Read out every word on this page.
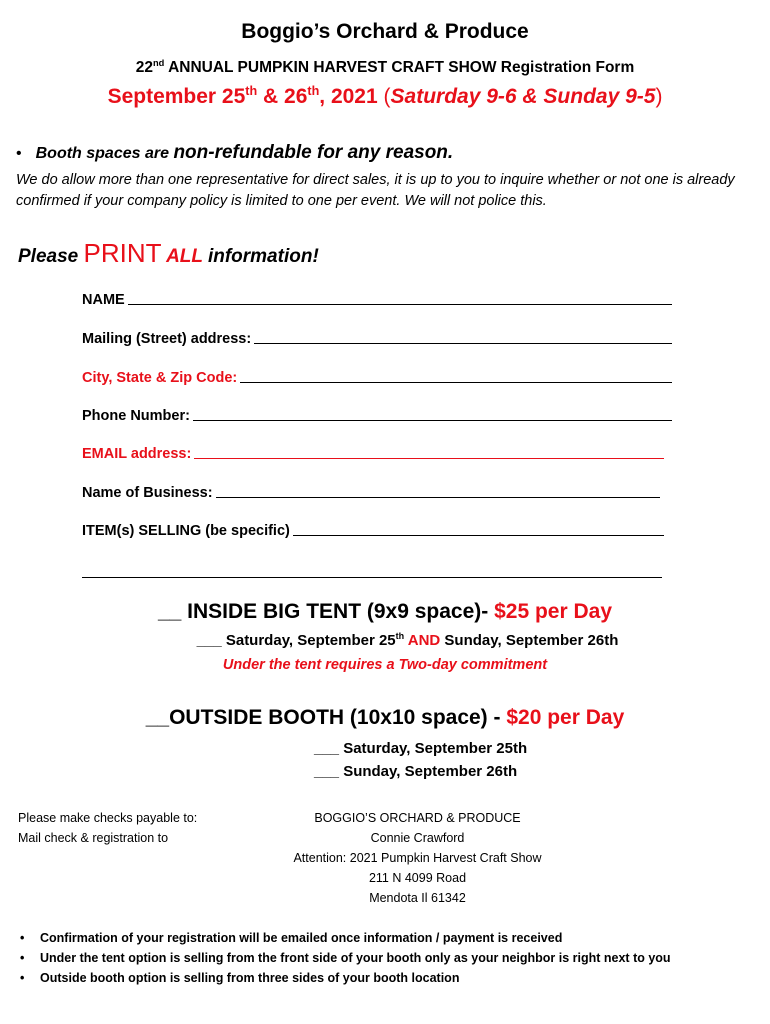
Boggio’s Orchard & Produce
22nd ANNUAL PUMPKIN HARVEST CRAFT SHOW Registration Form
September 25th & 26th, 2021 (Saturday 9-6 & Sunday 9-5)
• Booth spaces are non-refundable for any reason.
We do allow more than one representative for direct sales, it is up to you to inquire whether or not one is already confirmed if your company policy is limited to one per event. We will not police this.
Please PRINT ALL information!
NAME
Mailing (Street) address:
City, State & Zip Code:
Phone Number:
EMAIL address:
Name of Business:
ITEM(s) SELLING (be specific)
__ INSIDE BIG TENT (9x9 space)- $25 per Day
___ Saturday, September 25th AND Sunday, September 26th
Under the tent requires a Two-day commitment
__OUTSIDE BOOTH (10x10 space) - $20 per Day
___ Saturday, September 25th
___ Sunday, September 26th
Please make checks payable to:
Mail check & registration to
BOGGIO’S ORCHARD & PRODUCE
Connie Crawford
Attention: 2021 Pumpkin Harvest Craft Show
211 N 4099 Road
Mendota Il 61342
• Confirmation of your registration will be emailed once information / payment is received
• Under the tent option is selling from the front side of your booth only as your neighbor is right next to you
• Outside booth option is selling from three sides of your booth location
